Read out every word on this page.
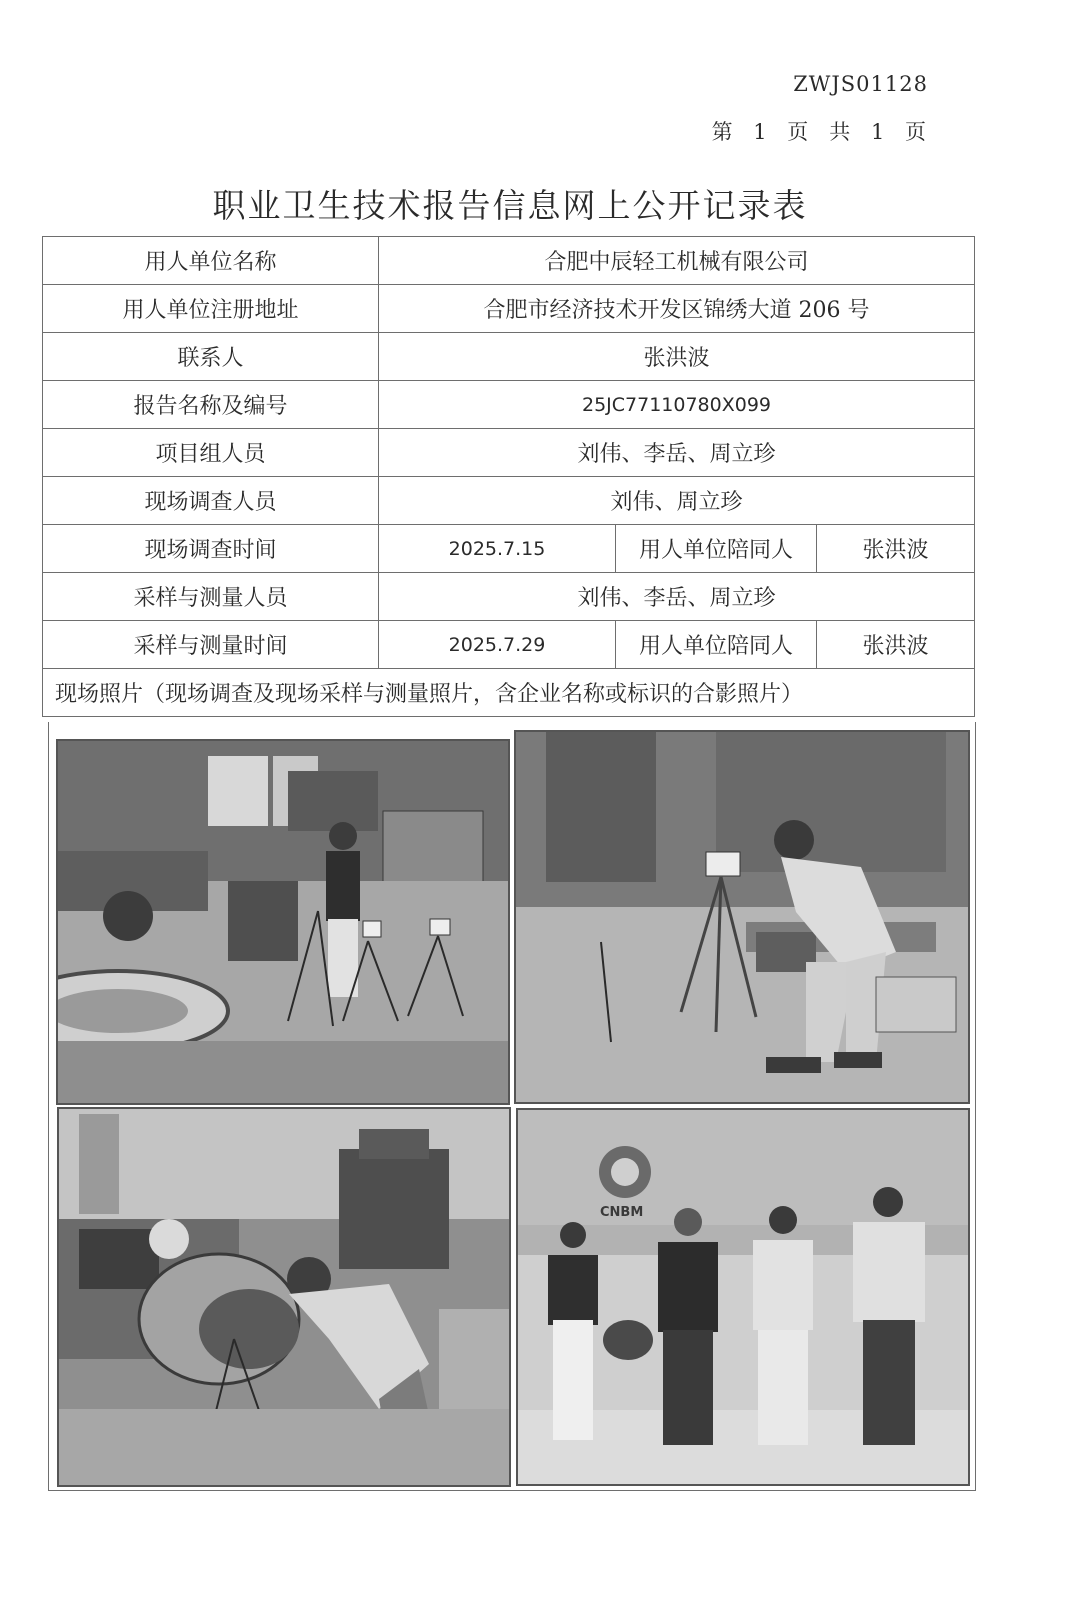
ZWJS01128
第 1 页　共 1 页
职业卫生技术报告信息网上公开记录表
用人单位名称	合肥中辰轻工机械有限公司		
用人单位注册地址	合肥市经济技术开发区锦绣大道 206 号		
联系人	张洪波		
报告名称及编号	25JC77110780X099		
项目组人员	刘伟、李岳、周立珍		
现场调查人员	刘伟、周立珍		
现场调查时间	2025.7.15	用人单位陪同人	张洪波
采样与测量人员	刘伟、李岳、周立珍		
采样与测量时间	2025.7.29	用人单位陪同人	张洪波
现场照片（现场调查及现场采样与测量照片，含企业名称或标识的合影照片）			
CNBM
